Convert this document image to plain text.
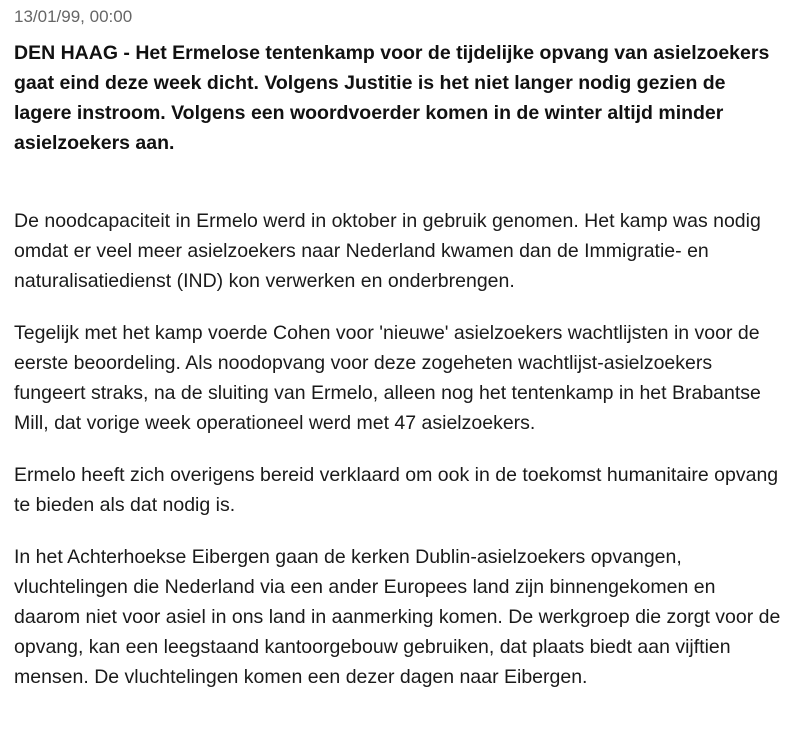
13/01/99, 00:00
DEN HAAG - Het Ermelose tentenkamp voor de tijdelijke opvang van asielzoekers gaat eind deze week dicht. Volgens Justitie is het niet langer nodig gezien de lagere instroom. Volgens een woordvoerder komen in de winter altijd minder asielzoekers aan.

De noodcapaciteit in Ermelo werd in oktober in gebruik genomen. Het kamp was nodig omdat er veel meer asielzoekers naar Nederland kwamen dan de Immigratie- en naturalisatiedienst (IND) kon verwerken en onderbrengen.

Tegelijk met het kamp voerde Cohen voor 'nieuwe' asielzoekers wachtlijsten in voor de eerste beoordeling. Als noodopvang voor deze zogeheten wachtlijst-asielzoekers fungeert straks, na de sluiting van Ermelo, alleen nog het tentenkamp in het Brabantse Mill, dat vorige week operationeel werd met 47 asielzoekers.

Ermelo heeft zich overigens bereid verklaard om ook in de toekomst humanitaire opvang te bieden als dat nodig is.

In het Achterhoekse Eibergen gaan de kerken Dublin-asielzoekers opvangen, vluchtelingen die Nederland via een ander Europees land zijn binnengekomen en daarom niet voor asiel in ons land in aanmerking komen. De werkgroep die zorgt voor de opvang, kan een leegstaand kantoorgebouw gebruiken, dat plaats biedt aan vijftien mensen. De vluchtelingen komen een dezer dagen naar Eibergen.
